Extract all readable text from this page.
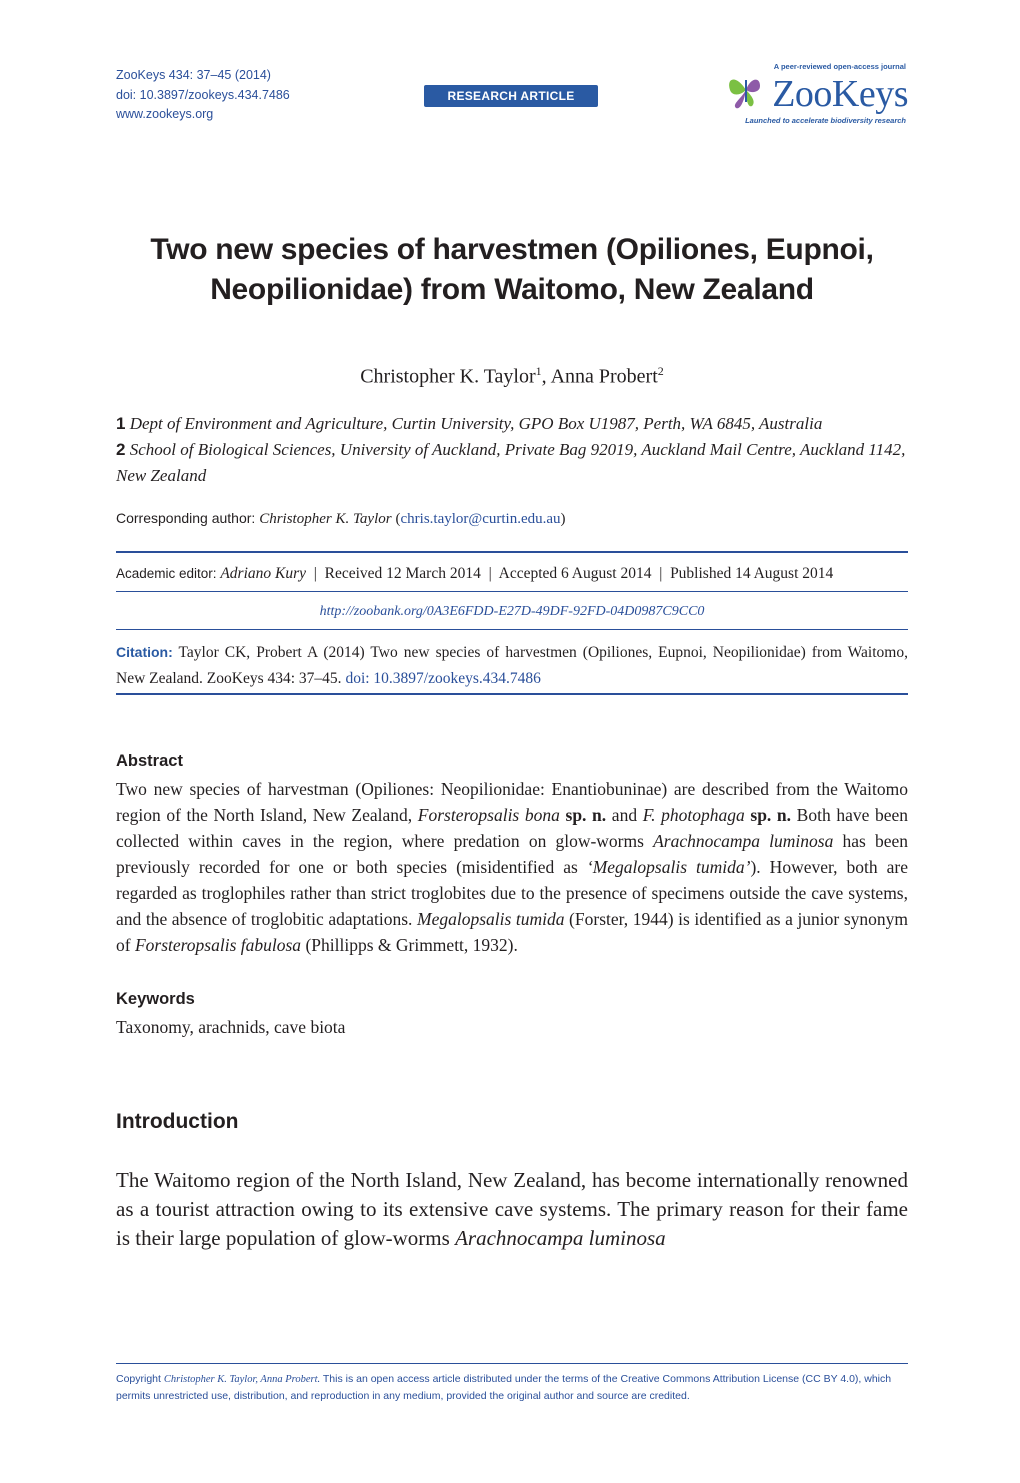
ZooKeys 434: 37–45 (2014)
doi: 10.3897/zookeys.434.7486
www.zookeys.org
RESEARCH ARTICLE
A peer-reviewed open-access journal
ZooKeys
Launched to accelerate biodiversity research
Two new species of harvestmen (Opiliones, Eupnoi,
Neopilionidae) from Waitomo, New Zealand
Christopher K. Taylor$^1$, Anna Probert$^2$
1 Dept of Environment and Agriculture, Curtin University, GPO Box U1987, Perth, WA 6845, Australia
2 School of Biological Sciences, University of Auckland, Private Bag 92019, Auckland Mail Centre, Auckland 1142, New Zealand
Corresponding author: Christopher K. Taylor (chris.taylor@curtin.edu.au)
Academic editor: Adriano Kury | Received 12 March 2014 | Accepted 6 August 2014 | Published 14 August 2014
http://zoobank.org/0A3E6FDD-E27D-49DF-92FD-04D0987C9CC0
Citation: Taylor CK, Probert A (2014) Two new species of harvestmen (Opiliones, Eupnoi, Neopilionidae) from Waitomo, New Zealand. ZooKeys 434: 37–45. doi: 10.3897/zookeys.434.7486
Abstract
Two new species of harvestman (Opiliones: Neopilionidae: Enantiobuninae) are described from the Waitomo region of the North Island, New Zealand, Forsteropsalis bona sp. n. and F. photophaga sp. n. Both have been collected within caves in the region, where predation on glow-worms Arachnocampa luminosa has been previously recorded for one or both species (misidentified as ‘Megalopsalis tumida’). However, both are regarded as troglophiles rather than strict troglobites due to the presence of specimens outside the cave systems, and the absence of troglobitic adaptations. Megalopsalis tumida (Forster, 1944) is identified as a junior synonym of Forsteropsalis fabulosa (Phillipps & Grimmett, 1932).
Keywords
Taxonomy, arachnids, cave biota
Introduction
The Waitomo region of the North Island, New Zealand, has become internationally renowned as a tourist attraction owing to its extensive cave systems. The primary reason for their fame is their large population of glow-worms Arachnocampa luminosa
Copyright Christopher K. Taylor, Anna Probert. This is an open access article distributed under the terms of the Creative Commons Attribution License (CC BY 4.0), which permits unrestricted use, distribution, and reproduction in any medium, provided the original author and source are credited.
